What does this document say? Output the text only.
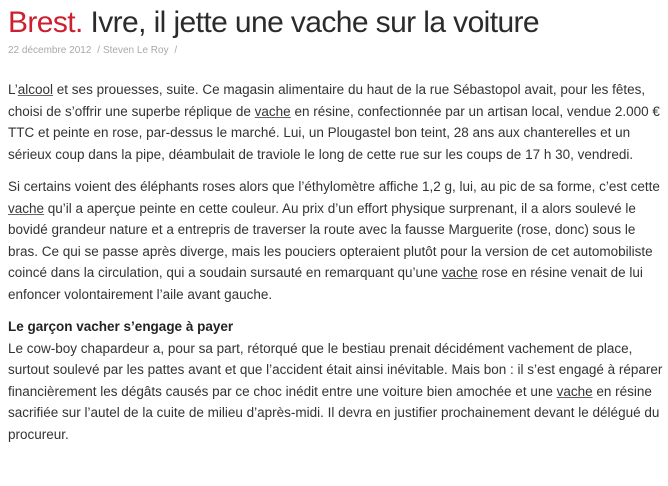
Brest. Ivre, il jette une vache sur la voiture
22 décembre 2012 / Steven Le Roy /

L’alcool et ses prouesses, suite. Ce magasin alimentaire du haut de la rue Sébastopol avait, pour les fêtes, choisi de s’offrir une superbe réplique de vache en résine, confectionnée par un artisan local, vendue 2.000 € TTC et peinte en rose, par-dessus le marché. Lui, un Plougastel bon teint, 28 ans aux chanterelles et un sérieux coup dans la pipe, déambulait de traviole le long de cette rue sur les coups de 17 h 30, vendredi.

Si certains voient des éléphants roses alors que l’éthylomètre affiche 1,2 g, lui, au pic de sa forme, c’est cette vache qu’il a aperçue peinte en cette couleur. Au prix d’un effort physique surprenant, il a alors soulevé le bovidé grandeur nature et a entrepris de traverser la route avec la fausse Marguerite (rose, donc) sous le bras. Ce qui se passe après diverge, mais les pouciers opteraient plutôt pour la version de cet automobiliste coincé dans la circulation, qui a soudain sursauté en remarquant qu’une vache rose en résine venait de lui enfoncer volontairement l’aile avant gauche.

Le garçon vacher s’engage à payer

Le cow-boy chapardeur a, pour sa part, rétorqué que le bestiau prenait décidément vachement de place, surtout soulevé par les pattes avant et que l’accident était ainsi inévitable. Mais bon : il s’est engagé à réparer financièrement les dégâts causés par ce choc inédit entre une voiture bien amochée et une vache en résine sacrifiée sur l’autel de la cuite de milieu d’après-midi. Il devra en justifier prochainement devant le délégué du procureur.
